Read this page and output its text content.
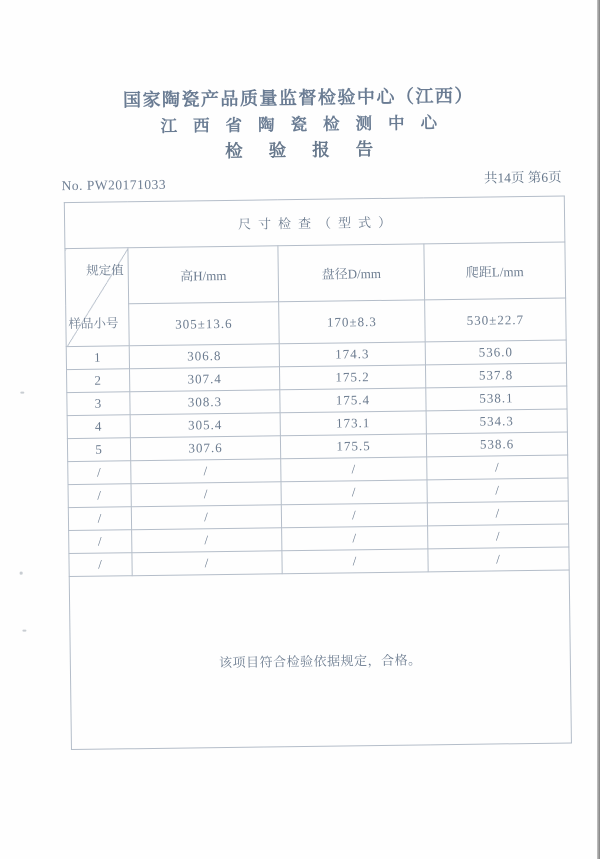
国家陶瓷产品质量监督检验中心（江西）
江西省陶瓷检测中心
检验报告
No. PW20171033	共14页 第6页
尺寸检查（型式）			

规定值
样品小号	高H/mm	盘径D/mm	爬距L/mm
	305±13.6	170±8.3	530±22.7
1	306.8	174.3	536.0
2	307.4	175.2	537.8
3	308.3	175.4	538.1
4	305.4	173.1	534.3
5	307.6	175.5	538.6
/	/	/	/
/	/	/	/
/	/	/	/
/	/	/	/
/	/	/	/
该项目符合检验依据规定，合格。			
